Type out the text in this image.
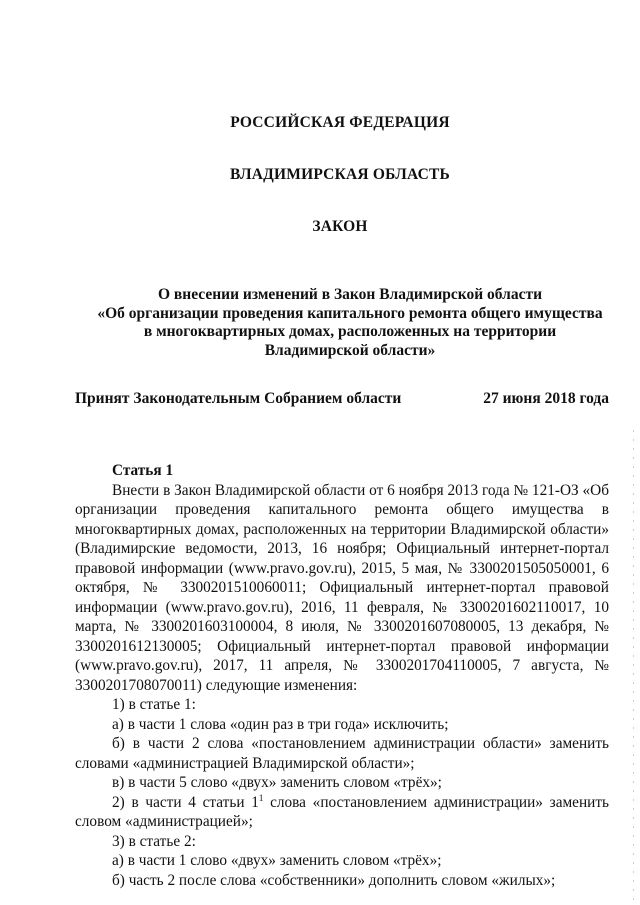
РОССИЙСКАЯ ФЕДЕРАЦИЯ
ВЛАДИМИРСКАЯ ОБЛАСТЬ
ЗАКОН
О внесении изменений в Закон Владимирской области
«Об организации проведения капитального ремонта общего имущества
в многоквартирных домах, расположенных на территории
Владимирской области»
Принят Законодательным Собранием области	27 июня 2018 года
Статья 1

Внести в Закон Владимирской области от 6 ноября 2013 года № 121-ОЗ «Об организации проведения капитального ремонта общего имущества в многоквартирных домах, расположенных на территории Владимирской области» (Владимирские ведомости, 2013, 16 ноября; Официальный интернет-портал правовой информации (www.pravo.gov.ru), 2015, 5 мая, № 3300201505050001, 6 октября, № 3300201510060011; Официальный интернет-портал правовой информации (www.pravo.gov.ru), 2016, 11 февраля, № 3300201602110017, 10 марта, № 3300201603100004, 8 июля, № 3300201607080005, 13 декабря, № 3300201612130005; Официальный интернет-портал правовой информации (www.pravo.gov.ru), 2017, 11 апреля, № 3300201704110005, 7 августа, № 3300201708070011) следующие изменения:

1) в статье 1:

а) в части 1 слова «один раз в три года» исключить;

б) в части 2 слова «постановлением администрации области» заменить словами «администрацией Владимирской области»;

в) в части 5 слово «двух» заменить словом «трёх»;

2) в части 4 статьи $1^1$ слова «постановлением администрации» заменить словом «администрацией»;

3) в статье 2:

а) в части 1 слово «двух» заменить словом «трёх»;

б) часть 2 после слова «собственники» дополнить словом «жилых»;
